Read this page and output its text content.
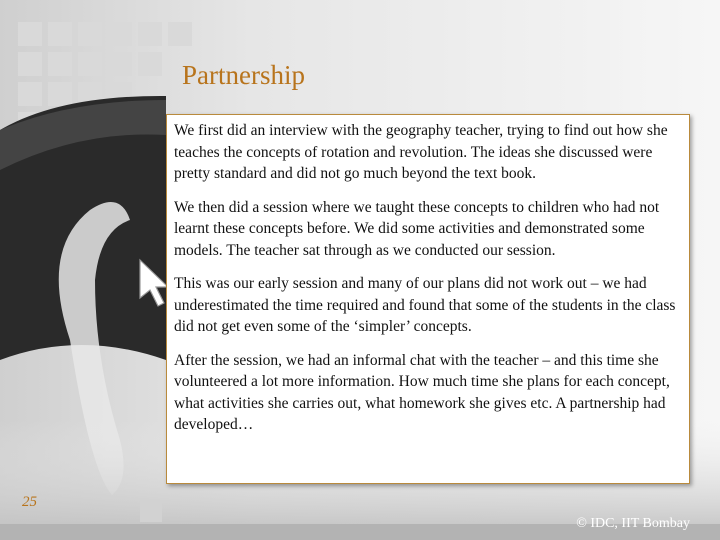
Partnership

We first did an interview with the geography teacher, trying to find out how she teaches the concepts of rotation and revolution. The ideas she discussed were pretty standard and did not go much beyond the text book.

We then did a session where we taught these concepts to children who had not learnt these concepts before. We did some activities and demonstrated some models. The teacher sat through as we conducted our session.

This was our early session and many of our plans did not work out – we had underestimated the time required and found that some of the students in the class did not get even some of the ‘simpler’ concepts.

After the session, we had an informal chat with the teacher – and this time she volunteered a lot more information. How much time she plans for each concept, what activities she carries out, what homework she gives etc. A partnership had developed…

25
© IDC, IIT Bombay
